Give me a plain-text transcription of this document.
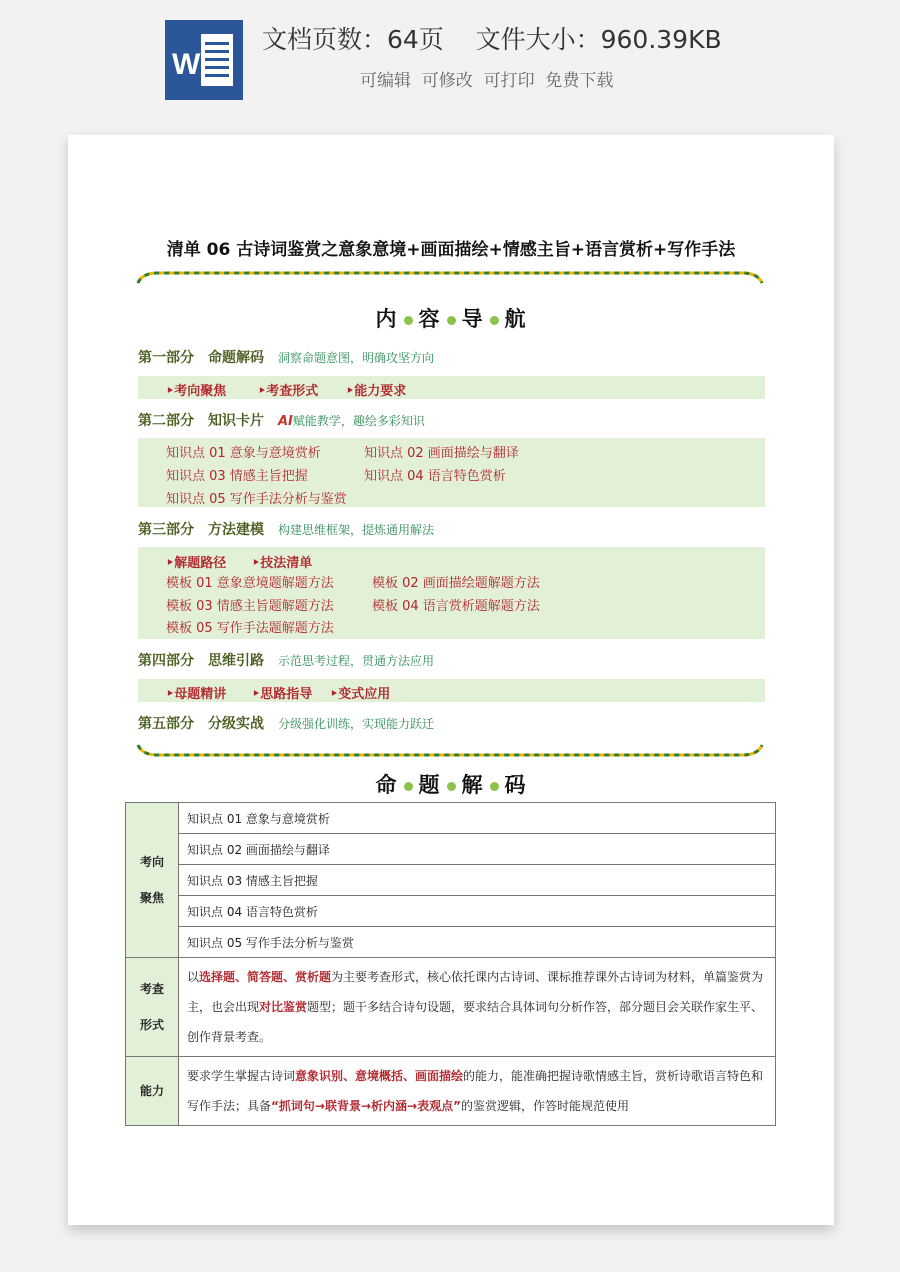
W
文档页数：64页    文件大小：960.39KB
可编辑  可修改  可打印  免费下载
清单 06 古诗词鉴赏之意象意境+画面描绘+情感主旨+语言赏析+写作手法
内 容 导 航
第一部分 命题解码 洞察命题意图，明确攻坚方向
‣考向聚焦 ‣考查形式 ‣能力要求
第二部分 知识卡片 AI赋能教学，趣绘多彩知识
知识点 01 意象与意境赏析	知识点 02 画面描绘与翻译
知识点 03 情感主旨把握	知识点 04 语言特色赏析
知识点 05 写作手法分析与鉴赏
第三部分 方法建模 构建思维框架，提炼通用解法
‣解题路径 ‣技法清单
模板 01 意象意境题解题方法	模板 02 画面描绘题解题方法
模板 03 情感主旨题解题方法	模板 04 语言赏析题解题方法
模板 05 写作手法题解题方法
第四部分 思维引路 示范思考过程，贯通方法应用
‣母题精讲 ‣思路指导 ‣变式应用
第五部分 分级实战 分级强化训练，实现能力跃迁
命 题 解 码
考向
聚焦	知识点 01 意象与意境赏析
	知识点 02 画面描绘与翻译
	知识点 03 情感主旨把握
	知识点 04 语言特色赏析
	知识点 05 写作手法分析与鉴赏
考查
形式	以选择题、简答题、赏析题为主要考查形式，核心依托课内古诗词、课标推荐课外古诗词为材料，单篇鉴赏为主，也会出现对比鉴赏题型；题干多结合诗句设题，要求结合具体词句分析作答，部分题目会关联作家生平、创作背景考查。
能力	要求学生掌握古诗词意象识别、意境概括、画面描绘的能力，能准确把握诗歌情感主旨，赏析诗歌语言特色和写作手法；具备“抓词句→联背景→析内涵→表观点”的鉴赏逻辑，作答时能规范使用
